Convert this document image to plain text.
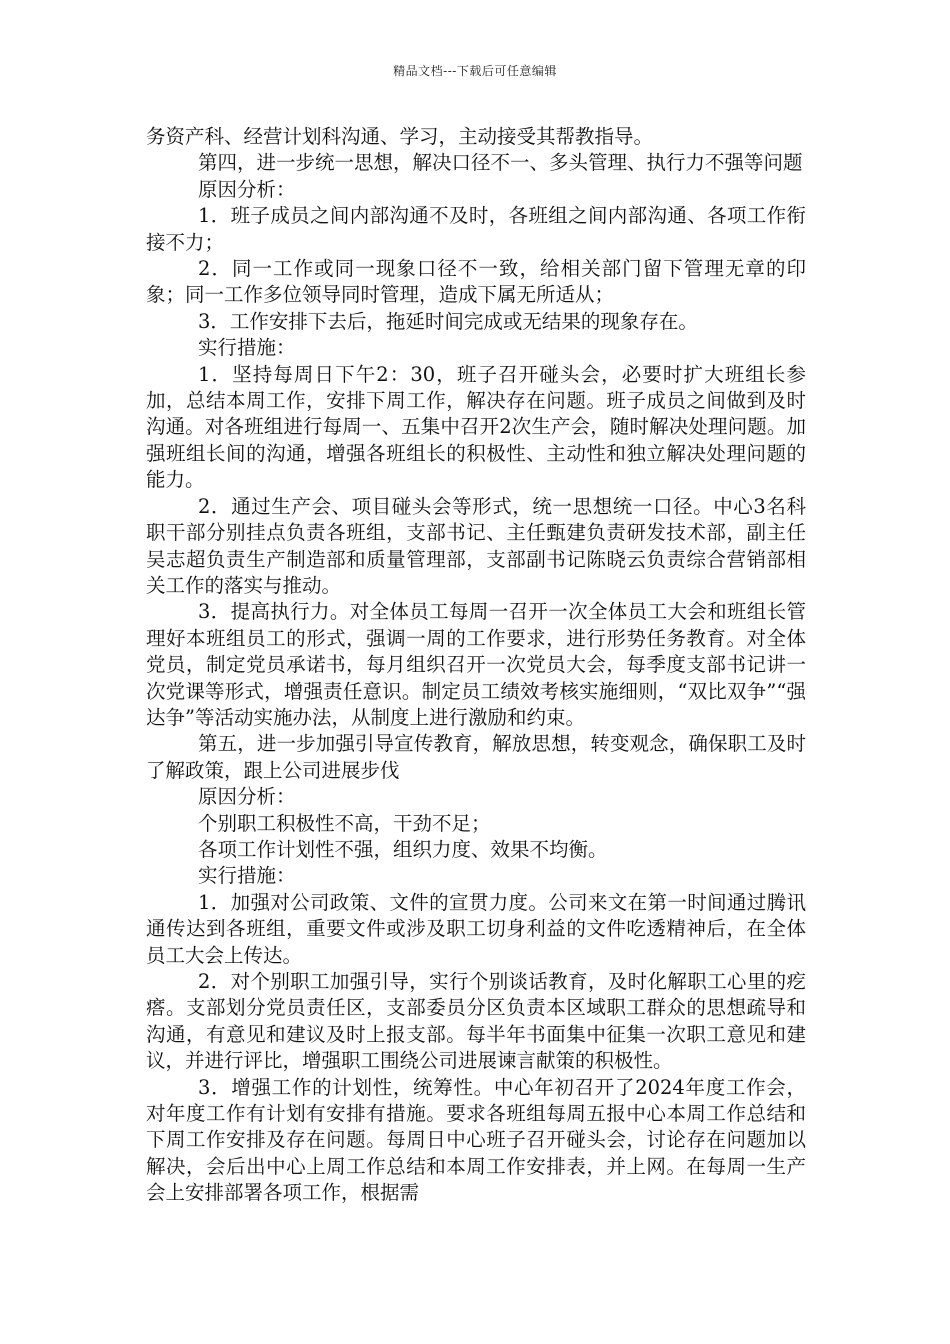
精品文档---下载后可任意编辑

务资产科、经营计划科沟通、学习，主动接受其帮教指导。

第四，进一步统一思想，解决口径不一、多头管理、执行力不强等问题

原因分析：

1．班子成员之间内部沟通不及时，各班组之间内部沟通、各项工作衔接不力；

2．同一工作或同一现象口径不一致，给相关部门留下管理无章的印象；同一工作多位领导同时管理，造成下属无所适从；

3．工作安排下去后，拖延时间完成或无结果的现象存在。

实行措施：

1．坚持每周日下午2：30，班子召开碰头会，必要时扩大班组长参加，总结本周工作，安排下周工作，解决存在问题。班子成员之间做到及时沟通。对各班组进行每周一、五集中召开2次生产会，随时解决处理问题。加强班组长间的沟通，增强各班组长的积极性、主动性和独立解决处理问题的能力。

2．通过生产会、项目碰头会等形式，统一思想统一口径。中心3名科职干部分别挂点负责各班组，支部书记、主任甄建负责研发技术部，副主任吴志超负责生产制造部和质量管理部，支部副书记陈晓云负责综合营销部相关工作的落实与推动。

3．提高执行力。对全体员工每周一召开一次全体员工大会和班组长管理好本班组员工的形式，强调一周的工作要求，进行形势任务教育。对全体党员，制定党员承诺书，每月组织召开一次党员大会，每季度支部书记讲一次党课等形式，增强责任意识。制定员工绩效考核实施细则，“双比双争”“强达争”等活动实施办法，从制度上进行激励和约束。

第五，进一步加强引导宣传教育，解放思想，转变观念，确保职工及时了解政策，跟上公司进展步伐

原因分析：

个别职工积极性不高，干劲不足；

各项工作计划性不强，组织力度、效果不均衡。

实行措施：

1．加强对公司政策、文件的宣贯力度。公司来文在第一时间通过腾讯通传达到各班组，重要文件或涉及职工切身利益的文件吃透精神后，在全体员工大会上传达。

2．对个别职工加强引导，实行个别谈话教育，及时化解职工心里的疙瘩。支部划分党员责任区，支部委员分区负责本区域职工群众的思想疏导和沟通，有意见和建议及时上报支部。每半年书面集中征集一次职工意见和建议，并进行评比，增强职工围绕公司进展谏言献策的积极性。

3．增强工作的计划性，统筹性。中心年初召开了2024年度工作会，对年度工作有计划有安排有措施。要求各班组每周五报中心本周工作总结和下周工作安排及存在问题。每周日中心班子召开碰头会，讨论存在问题加以解决，会后出中心上周工作总结和本周工作安排表，并上网。在每周一生产会上安排部署各项工作，根据需
